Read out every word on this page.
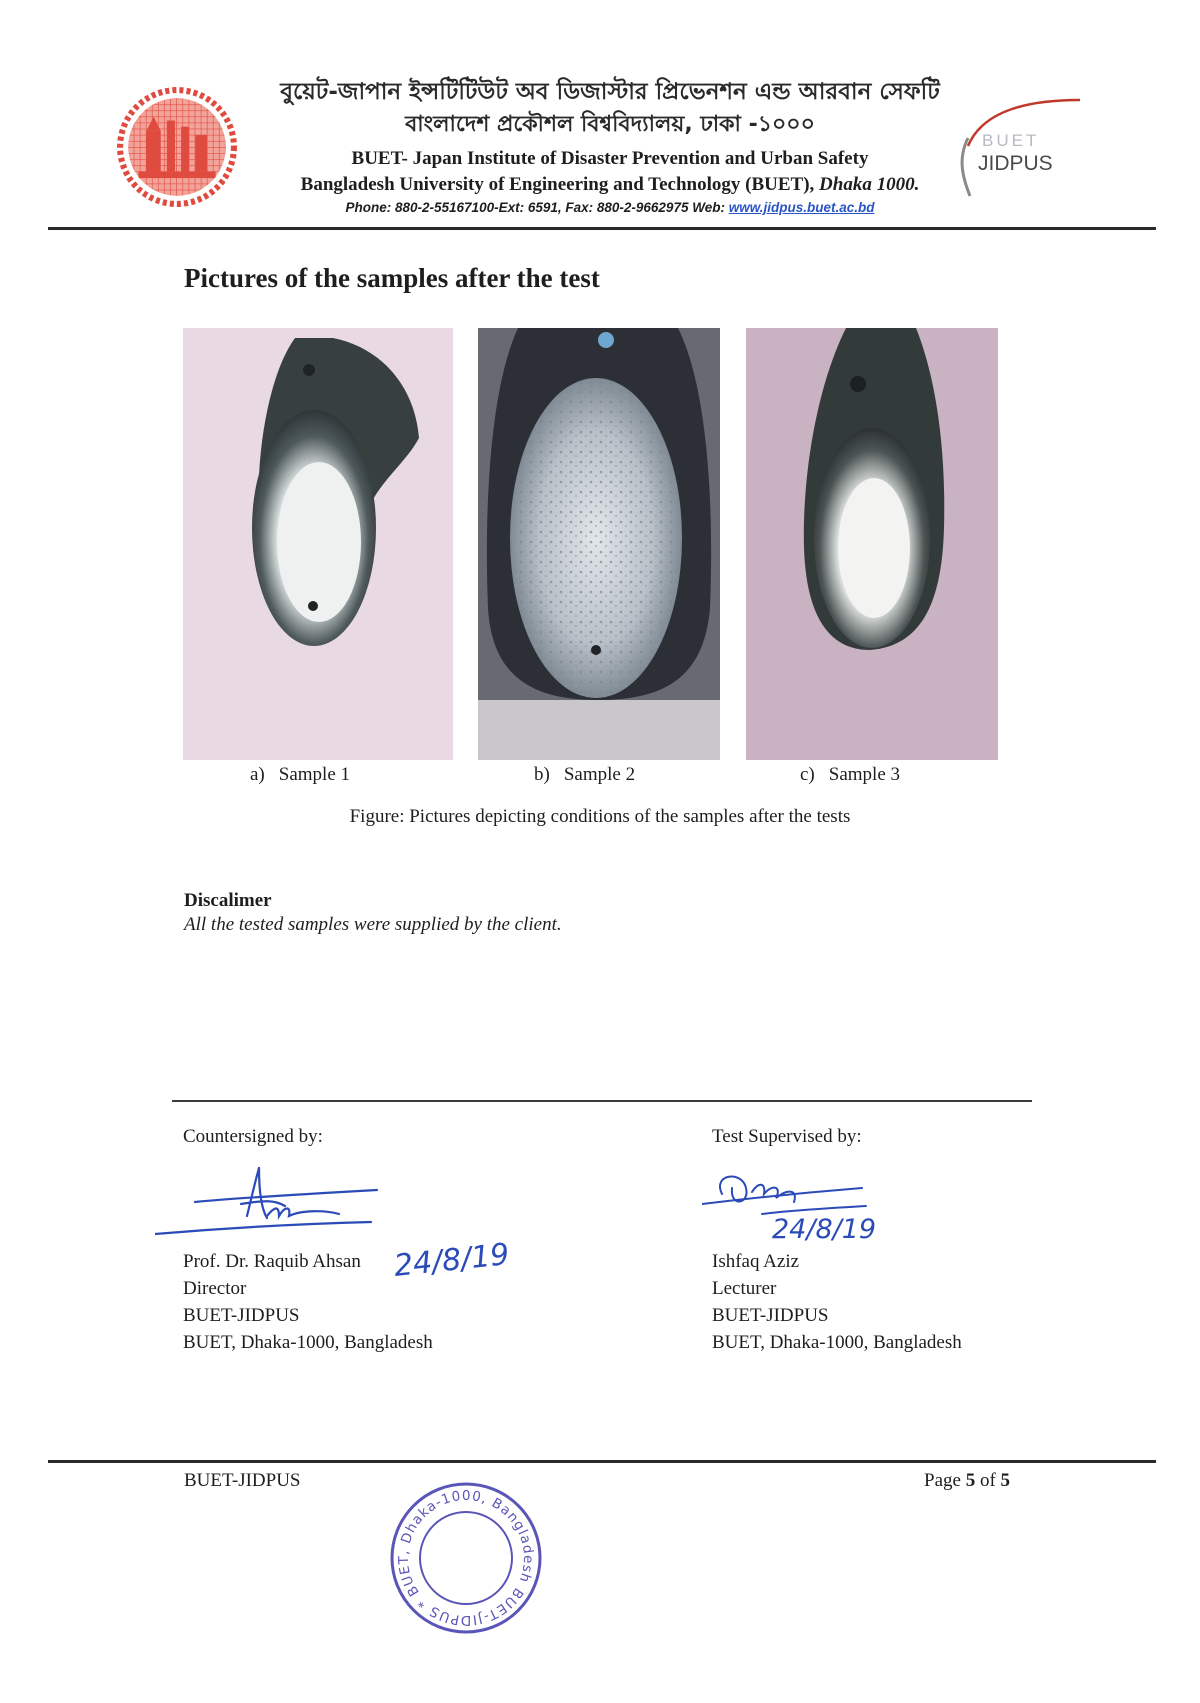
বুয়েট-জাপান ইন্সটিটিউট অব ডিজাস্টার প্রিভেনশন এন্ড আরবান সেফটি
বাংলাদেশ প্রকৌশল বিশ্ববিদ্যালয়, ঢাকা -১০০০
BUET- Japan Institute of Disaster Prevention and Urban Safety
Bangladesh University of Engineering and Technology (BUET), Dhaka 1000.
Phone: 880-2-55167100-Ext: 6591, Fax: 880-2-9662975 Web: www.jidpus.buet.ac.bd
BUET
JIDPUS
Pictures of the samples after the test
a) Sample 1	b) Sample 2	c) Sample 3
Figure: Pictures depicting conditions of the samples after the tests
Discalimer
All the tested samples were supplied by the client.
Countersigned by:	Test Supervised by:
24/8/19
24/8/19
Prof. Dr. Raquib Ahsan
Director
BUET-JIDPUS
BUET, Dhaka-1000, Bangladesh
Ishfaq Aziz
Lecturer
BUET-JIDPUS
BUET, Dhaka-1000, Bangladesh
BUET-JIDPUS	Page 5 of 5
BUET-JIDPUS * BUET, Dhaka-1000, Bangladesh
